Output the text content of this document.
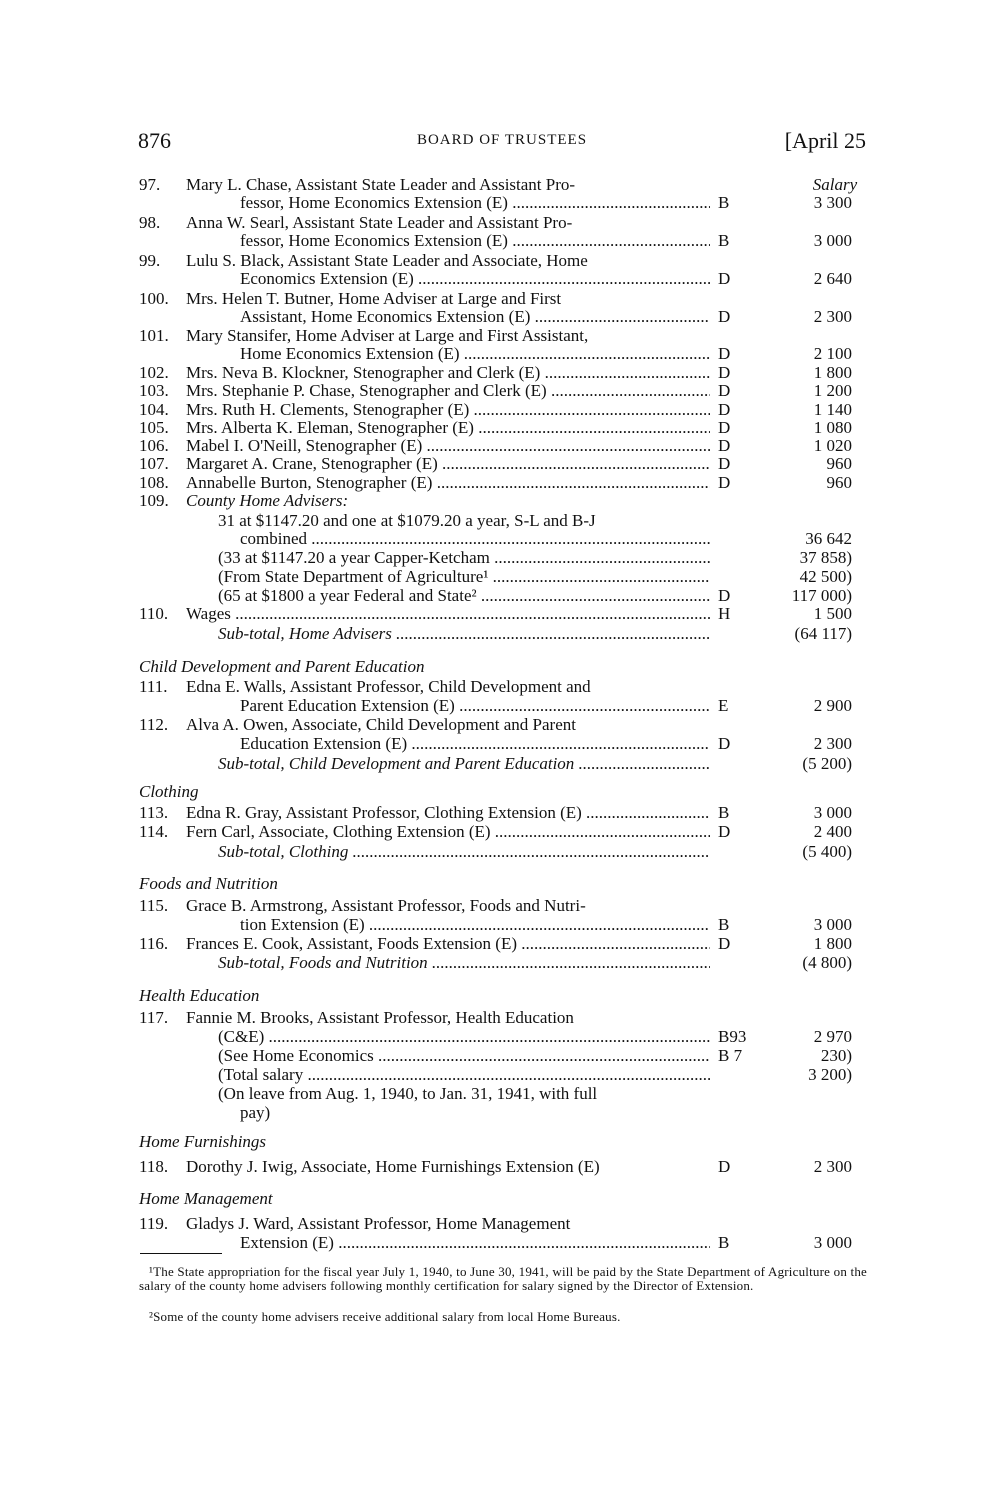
876	BOARD OF TRUSTEES	[April 25
Salary
97.	Mary L. Chase, Assistant State Leader and Assistant Pro-
fessor, Home Economics Extension (E) .....	B	3 300
98.	Anna W. Searl, Assistant State Leader and Assistant Pro-
fessor, Home Economics Extension (E) .....	B	3 000
99.	Lulu S. Black, Assistant State Leader and Associate, Home
Economics Extension (E) .....	D	2 640
100.	Mrs. Helen T. Butner, Home Adviser at Large and First
Assistant, Home Economics Extension (E) .....	D	2 300
101.	Mary Stansifer, Home Adviser at Large and First Assistant,
Home Economics Extension (E) .....	D	2 100
102.	Mrs. Neva B. Klockner, Stenographer and Clerk (E) .....	D	1 800
103.	Mrs. Stephanie P. Chase, Stenographer and Clerk (E) .....	D	1 200
104.	Mrs. Ruth H. Clements, Stenographer (E) .....	D	1 140
105.	Mrs. Alberta K. Eleman, Stenographer (E) .....	D	1 080
106.	Mabel I. O'Neill, Stenographer (E) .....	D	1 020
107.	Margaret A. Crane, Stenographer (E) .....	D	960
108.	Annabelle Burton, Stenographer (E) .....	D	960
109.	County Home Advisers:
31 at $1147.20 and one at $1079.20 a year, S-L and B-J
combined .....	36 642
(33 at $1147.20 a year Capper-Ketcham .....	37 858)
(From State Department of Agriculture¹ .....	42 500)
(65 at $1800 a year Federal and State² .....	D	117 000)
110.	Wages .....	H	1 500
Sub-total, Home Advisers .....	(64 117)
Child Development and Parent Education
111.	Edna E. Walls, Assistant Professor, Child Development and
Parent Education Extension (E) .....	E	2 900
112.	Alva A. Owen, Associate, Child Development and Parent
Education Extension (E) .....	D	2 300
Sub-total, Child Development and Parent Education .....	(5 200)
Clothing
113.	Edna R. Gray, Assistant Professor, Clothing Extension (E) .....	B	3 000
114.	Fern Carl, Associate, Clothing Extension (E) .....	D	2 400
Sub-total, Clothing .....	(5 400)
Foods and Nutrition
115.	Grace B. Armstrong, Assistant Professor, Foods and Nutri-
tion Extension (E) .....	B	3 000
116.	Frances E. Cook, Assistant, Foods Extension (E) .....	D	1 800
Sub-total, Foods and Nutrition .....	(4 800)
Health Education
117.	Fannie M. Brooks, Assistant Professor, Health Education
(C&E) .....	B93	2 970
(See Home Economics .....	B 7	230)
(Total salary .....	3 200)
(On leave from Aug. 1, 1940, to Jan. 31, 1941, with full
pay)
Home Furnishings
118.	Dorothy J. Iwig, Associate, Home Furnishings Extension (E)	D	2 300
Home Management
119.	Gladys J. Ward, Assistant Professor, Home Management
Extension (E) .....	B	3 000
¹The State appropriation for the fiscal year July 1, 1940, to June 30, 1941, will be paid by the State Department of Agriculture on the salary of the county home advisers following monthly certification for salary signed by the Director of Extension.
²Some of the county home advisers receive additional salary from local Home Bureaus.
